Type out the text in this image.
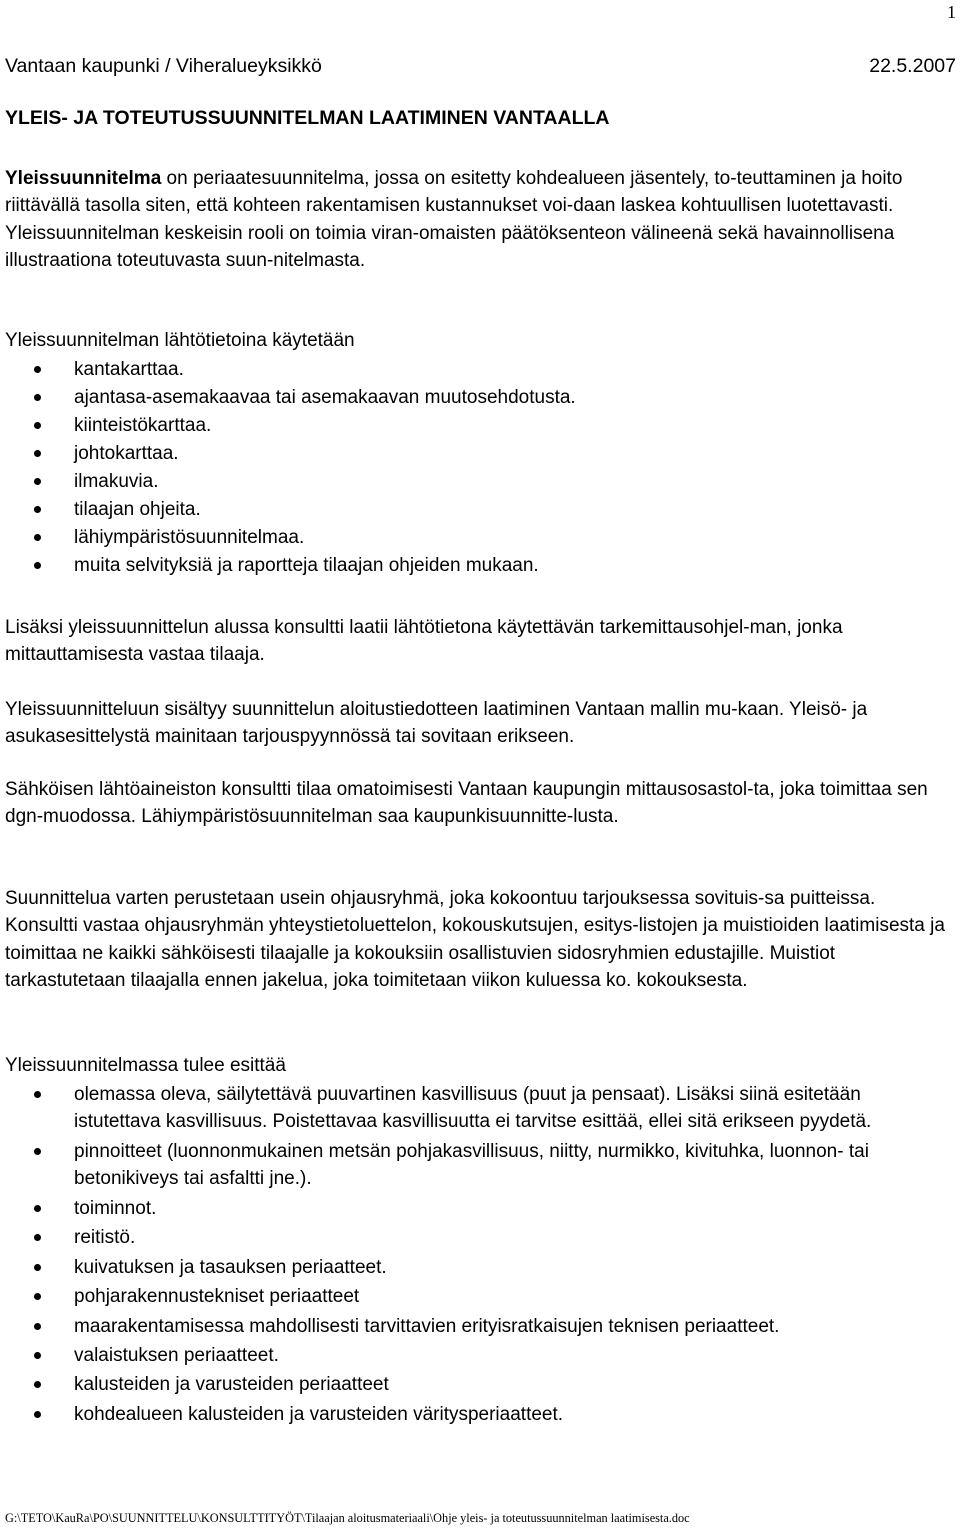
1
Vantaan kaupunki / Viheralueyksikkö	22.5.2007
YLEIS- JA TOTEUTUSSUUNNITELMAN LAATIMINEN VANTAALLA

Yleissuunnitelma on periaatesuunnitelma, jossa on esitetty kohdealueen jäsentely, to-teuttaminen ja hoito riittävällä tasolla siten, että kohteen rakentamisen kustannukset voi-daan laskea kohtuullisen luotettavasti. Yleissuunnitelman keskeisin rooli on toimia viran-omaisten päätöksenteon välineenä sekä havainnollisena illustraationa toteutuvasta suun-nitelmasta.

Yleissuunnitelman lähtötietoina käytetään

kantakarttaa.
ajantasa-asemakaavaa tai asemakaavan muutosehdotusta.
kiinteistökarttaa.
johtokarttaa.
ilmakuvia.
tilaajan ohjeita.
lähiympäristösuunnitelmaa.
muita selvityksiä ja raportteja tilaajan ohjeiden mukaan.

Lisäksi yleissuunnittelun alussa konsultti laatii lähtötietona käytettävän tarkemittausohjel-man, jonka mittauttamisesta vastaa tilaaja.

Yleissuunnitteluun sisältyy suunnittelun aloitustiedotteen laatiminen Vantaan mallin mu-kaan. Yleisö- ja asukasesittelystä mainitaan tarjouspyynnössä tai sovitaan erikseen.

Sähköisen lähtöaineiston konsultti tilaa omatoimisesti Vantaan kaupungin mittausosastol-ta, joka toimittaa sen dgn-muodossa. Lähiympäristösuunnitelman saa kaupunkisuunnitte-lusta.

Suunnittelua varten perustetaan usein ohjausryhmä, joka kokoontuu tarjouksessa sovituis-sa puitteissa. Konsultti vastaa ohjausryhmän yhteystietoluettelon, kokouskutsujen, esitys-listojen ja muistioiden laatimisesta ja toimittaa ne kaikki sähköisesti tilaajalle ja kokouksiin osallistuvien sidosryhmien edustajille. Muistiot tarkastutetaan tilaajalla ennen jakelua, joka toimitetaan viikon kuluessa ko. kokouksesta.

Yleissuunnitelmassa tulee esittää

olemassa oleva, säilytettävä puuvartinen kasvillisuus (puut ja pensaat). Lisäksi siinä esitetään istutettava kasvillisuus. Poistettavaa kasvillisuutta ei tarvitse esittää, ellei sitä erikseen pyydetä.
pinnoitteet (luonnonmukainen metsän pohjakasvillisuus, niitty, nurmikko, kivituhka, luonnon- tai betonikiveys tai asfaltti jne.).
toiminnot.
reitistö.
kuivatuksen ja tasauksen periaatteet.
pohjarakennustekniset periaatteet
maarakentamisessa mahdollisesti tarvittavien erityisratkaisujen teknisen periaatteet.
valaistuksen periaatteet.
kalusteiden ja varusteiden periaatteet
kohdealueen kalusteiden ja varusteiden väritysperiaatteet.
G:\TETO\KauRa\PO\SUUNNITTELU\KONSULTTITYÖT\Tilaajan aloitusmateriaali\Ohje yleis- ja toteutussuunnitelman laatimisesta.doc
